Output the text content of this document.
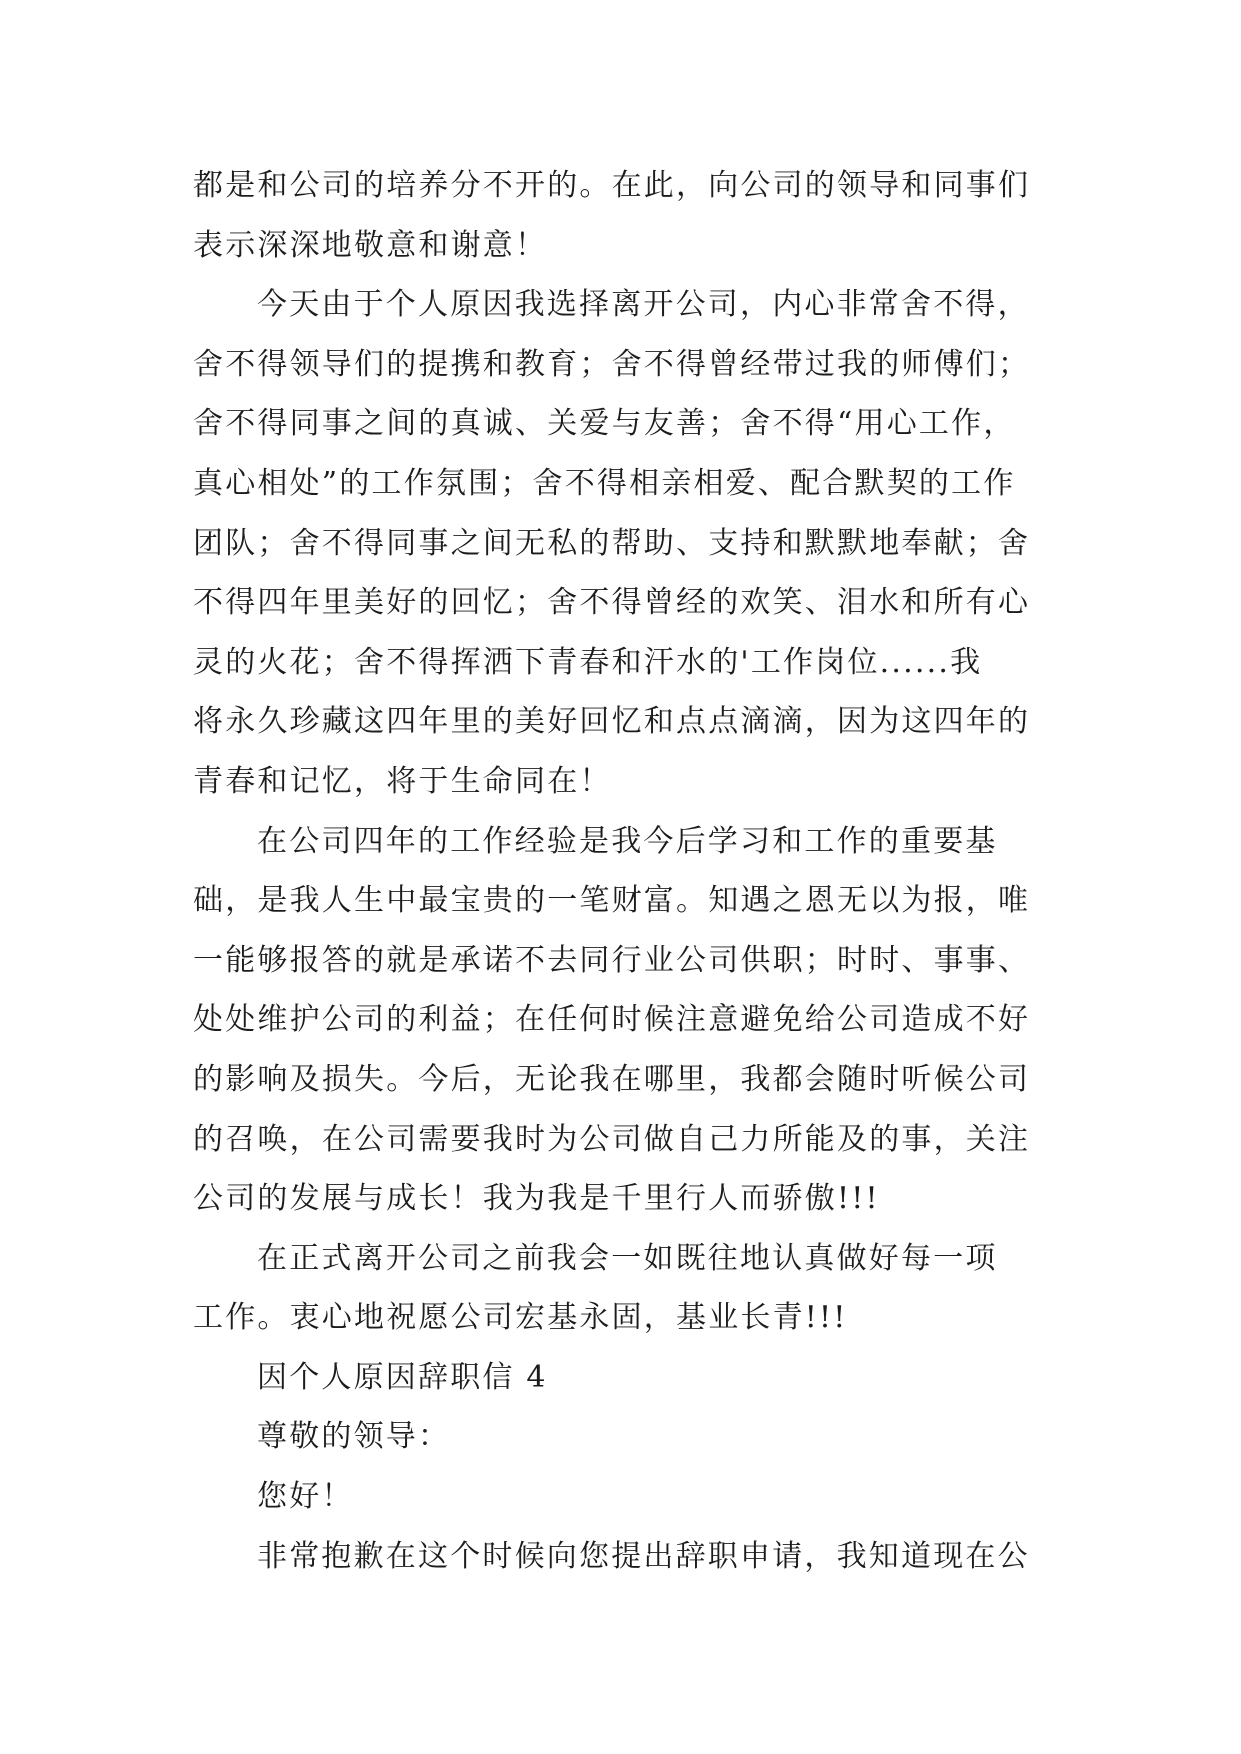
都是和公司的培养分不开的。在此，向公司的领导和同事们
表示深深地敬意和谢意！
今天由于个人原因我选择离开公司，内心非常舍不得，
舍不得领导们的提携和教育；舍不得曾经带过我的师傅们；
舍不得同事之间的真诚、关爱与友善；舍不得“用心工作，
真心相处”的工作氛围；舍不得相亲相爱、配合默契的工作
团队；舍不得同事之间无私的帮助、支持和默默地奉献；舍
不得四年里美好的回忆；舍不得曾经的欢笑、泪水和所有心
灵的火花；舍不得挥洒下青春和汗水的'工作岗位......我
将永久珍藏这四年里的美好回忆和点点滴滴，因为这四年的
青春和记忆，将于生命同在！
在公司四年的工作经验是我今后学习和工作的重要基
础，是我人生中最宝贵的一笔财富。知遇之恩无以为报，唯
一能够报答的就是承诺不去同行业公司供职；时时、事事、
处处维护公司的利益；在任何时候注意避免给公司造成不好
的影响及损失。今后，无论我在哪里，我都会随时听候公司
的召唤，在公司需要我时为公司做自己力所能及的事，关注
公司的发展与成长！我为我是千里行人而骄傲!!!
在正式离开公司之前我会一如既往地认真做好每一项
工作。衷心地祝愿公司宏基永固，基业长青!!!
因个人原因辞职信 4
尊敬的领导：
您好！
非常抱歉在这个时候向您提出辞职申请，我知道现在公
